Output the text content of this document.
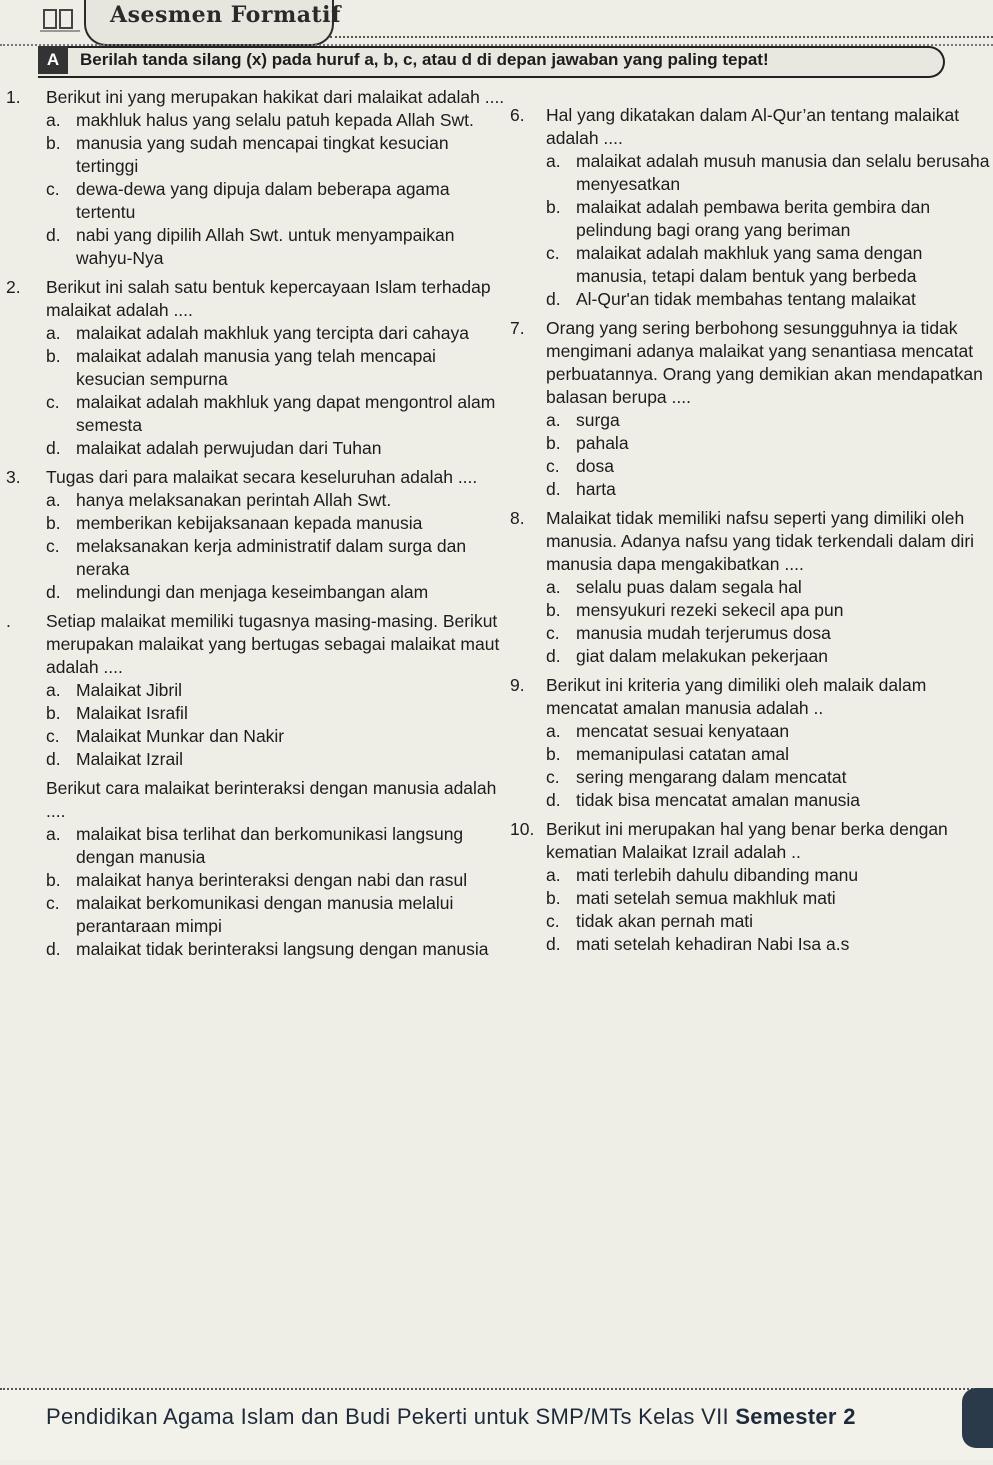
Asesmen Formatif
A	Berilah tanda silang (x) pada huruf a, b, c, atau d di depan jawaban yang paling tepat!
1. Berikut ini yang merupakan hakikat dari malaikat adalah ....
a. makhluk halus yang selalu patuh kepada Allah Swt.
b. manusia yang sudah mencapai tingkat kesucian tertinggi
c. dewa-dewa yang dipuja dalam beberapa agama tertentu
d. nabi yang dipilih Allah Swt. untuk menyampaikan wahyu-Nya
2. Berikut ini salah satu bentuk kepercayaan Islam terhadap malaikat adalah ....
a. malaikat adalah makhluk yang tercipta dari cahaya
b. malaikat adalah manusia yang telah mencapai kesucian sempurna
c. malaikat adalah makhluk yang dapat mengontrol alam semesta
d. malaikat adalah perwujudan dari Tuhan
3. Tugas dari para malaikat secara keseluruhan adalah ....
a. hanya melaksanakan perintah Allah Swt.
b. memberikan kebijaksanaan kepada manusia
c. melaksanakan kerja administratif dalam surga dan neraka
d. melindungi dan menjaga keseimbangan alam
. Setiap malaikat memiliki tugasnya masing-masing. Berikut merupakan malaikat yang bertugas sebagai malaikat maut adalah ....
a. Malaikat Jibril
b. Malaikat Israfil
c. Malaikat Munkar dan Nakir
d. Malaikat Izrail
Berikut cara malaikat berinteraksi dengan manusia adalah ....
a. malaikat bisa terlihat dan berkomunikasi langsung dengan manusia
b. malaikat hanya berinteraksi dengan nabi dan rasul
c. malaikat berkomunikasi dengan manusia melalui perantaraan mimpi
d. malaikat tidak berinteraksi langsung dengan manusia
6. Hal yang dikatakan dalam Al-Qur’an tentang malaikat adalah ....
a. malaikat adalah musuh manusia dan selalu berusaha menyesatkan
b. malaikat adalah pembawa berita gembira dan pelindung bagi orang yang beriman
c. malaikat adalah makhluk yang sama dengan manusia, tetapi dalam bentuk yang berbeda
d. Al-Qur'an tidak membahas tentang malaikat
7. Orang yang sering berbohong sesungguhnya ia tidak mengimani adanya malaikat yang senantiasa mencatat perbuatannya. Orang yang demikian akan mendapatkan balasan berupa ....
a. surga
b. pahala
c. dosa
d. harta
8. Malaikat tidak memiliki nafsu seperti yang dimiliki oleh manusia. Adanya nafsu yang tidak terkendali dalam diri manusia dapa mengakibatkan ....
a. selalu puas dalam segala hal
b. mensyukuri rezeki sekecil apa pun
c. manusia mudah terjerumus dosa
d. giat dalam melakukan pekerjaan
9. Berikut ini kriteria yang dimiliki oleh malaik dalam mencatat amalan manusia adalah ..
a. mencatat sesuai kenyataan
b. memanipulasi catatan amal
c. sering mengarang dalam mencatat
d. tidak bisa mencatat amalan manusia
10. Berikut ini merupakan hal yang benar berka dengan kematian Malaikat Izrail adalah ..
a. mati terlebih dahulu dibanding manu
b. mati setelah semua makhluk mati
c. tidak akan pernah mati
d. mati setelah kehadiran Nabi Isa a.s
Pendidikan Agama Islam dan Budi Pekerti untuk SMP/MTs Kelas VII Semester 2
